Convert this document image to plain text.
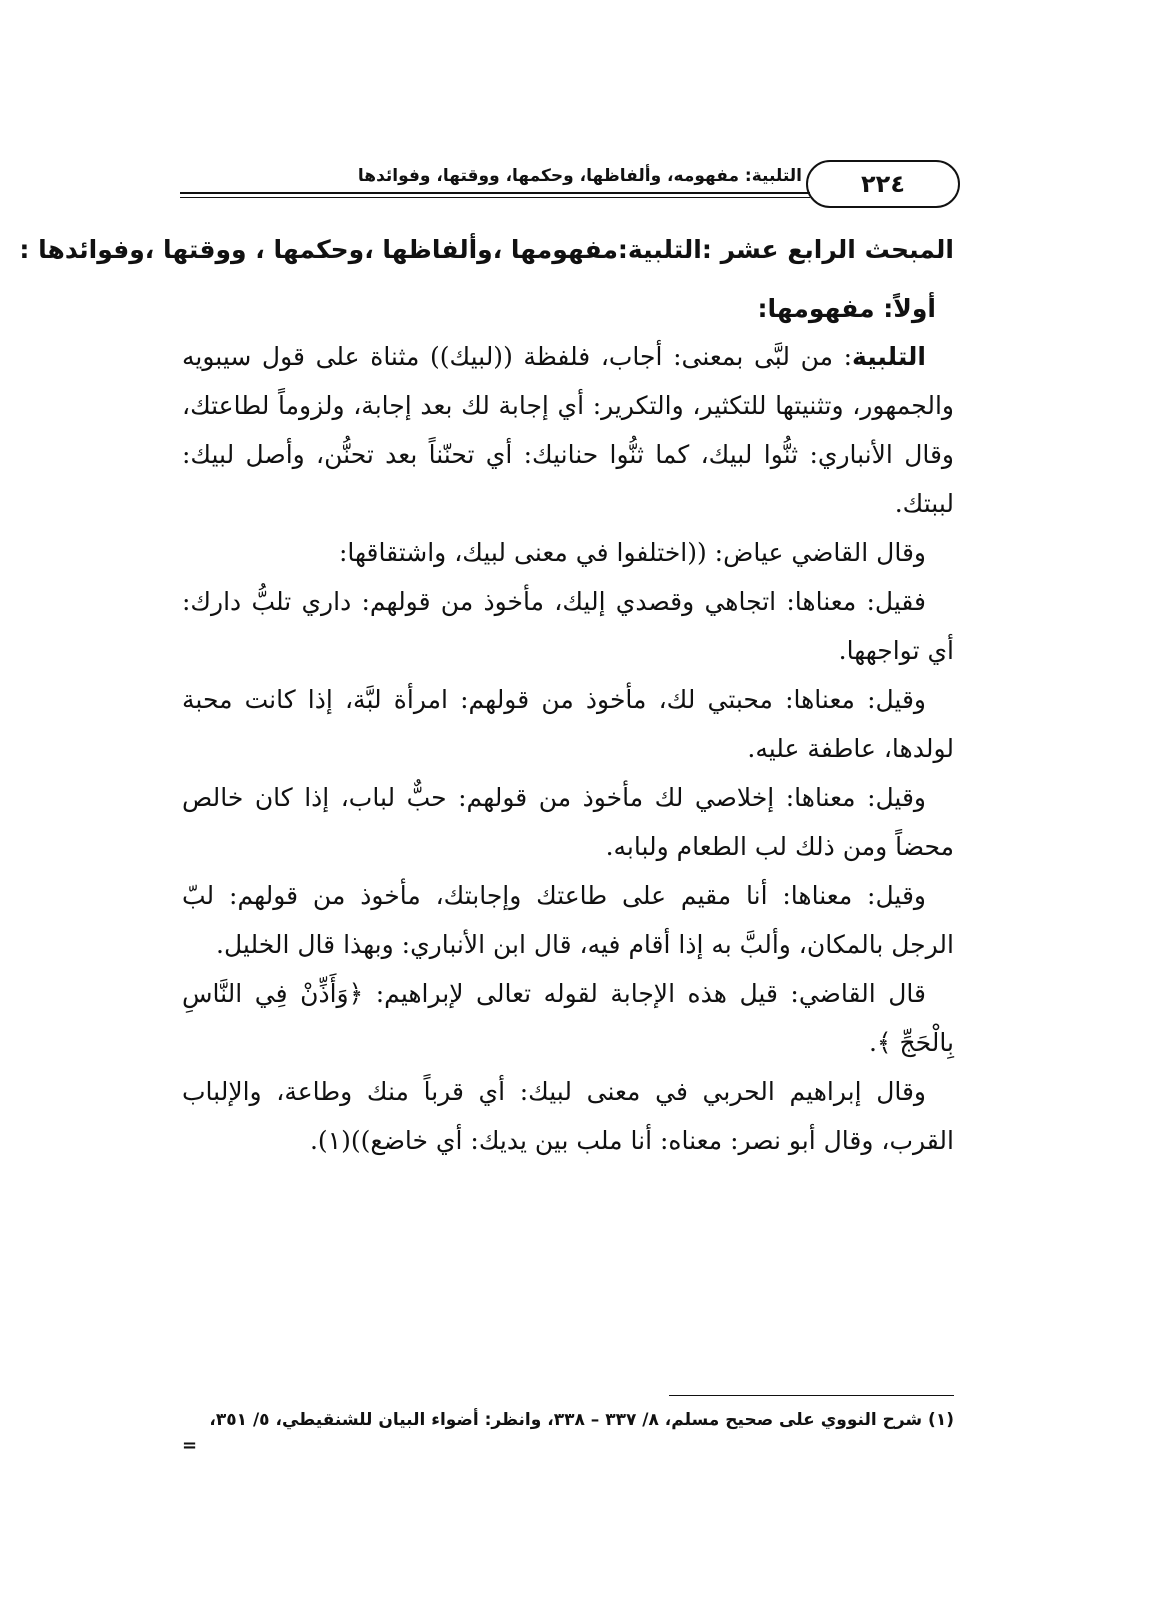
التلبية: مفهومه، وألفاظها، وحكمها، ووقتها، وفوائدها	٢٢٤
المبحث الرابع عشر :التلبية:مفهومها ،وألفاظها ،وحكمها ، ووقتها ،وفوائدها :
أولاً: مفهومها:

التلبية: من لبَّى بمعنى: أجاب، فلفظة ((لبيك)) مثناة على قول سيبويه والجمهور، وتثنيتها للتكثير، والتكرير: أي إجابة لك بعد إجابة، ولزوماً لطاعتك، وقال الأنباري: ثنُّوا لبيك، كما ثنُّوا حنانيك: أي تحنّناً بعد تحنُّن، وأصل لبيك: لببتك.

وقال القاضي عياض: ((اختلفوا في معنى لبيك، واشتقاقها:

فقيل: معناها: اتجاهي وقصدي إليك، مأخوذ من قولهم: داري تلبُّ دارك: أي تواجهها.

وقيل: معناها: محبتي لك، مأخوذ من قولهم: امرأة لبَّة، إذا كانت محبة لولدها، عاطفة عليه.

وقيل: معناها: إخلاصي لك مأخوذ من قولهم: حبٌّ لباب، إذا كان خالص محضاً ومن ذلك لب الطعام ولبابه.

وقيل: معناها: أنا مقيم على طاعتك وإجابتك، مأخوذ من قولهم: لبّ الرجل بالمكان، وألبَّ به إذا أقام فيه، قال ابن الأنباري: وبهذا قال الخليل.

قال القاضي: قيل هذه الإجابة لقوله تعالى لإبراهيم: ﴿وَأَذِّنْ فِي النَّاسِ بِالْحَجِّ ﴾.

وقال إبراهيم الحربي في معنى لبيك: أي قرباً منك وطاعة، والإلباب القرب، وقال أبو نصر: معناه: أنا ملب بين يديك: أي خاضع))(١).

(١) شرح النووي على صحيح مسلم، ٨/ ٣٣٧ – ٣٣٨، وانظر: أضواء البيان للشنقيطي، ٥/ ٣٥١،

=
